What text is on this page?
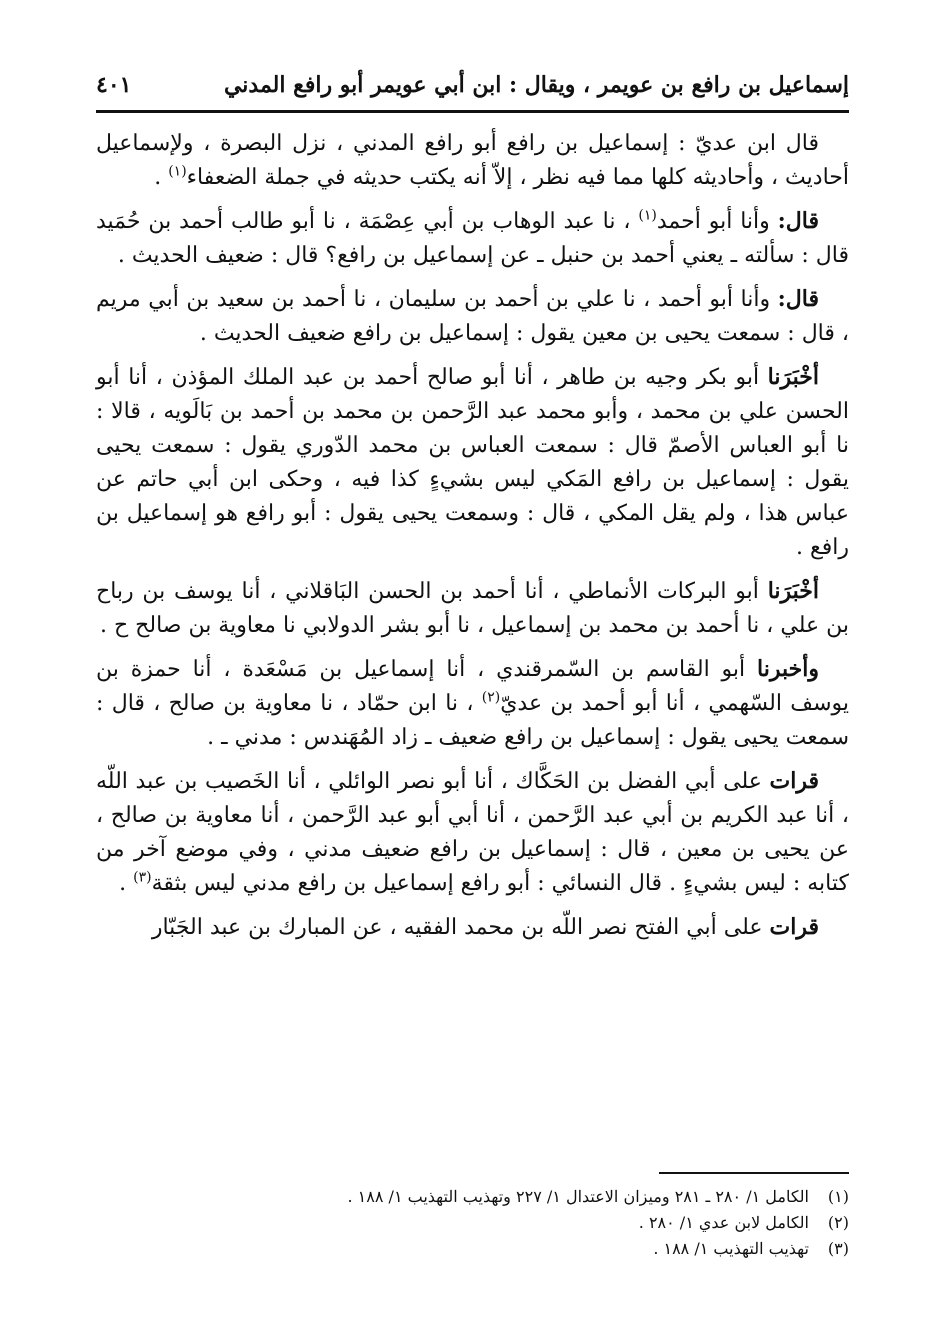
إسماعيل بن رافع بن عويمر ، ويقال : ابن أبي عويمر أبو رافع المدني
٤٠١

قال ابن عديّ : إسماعيل بن رافع أبو رافع المدني ، نزل البصرة ، ولإسماعيل أحاديث ، وأحاديثه كلها مما فيه نظر ، إلاّ أنه يكتب حديثه في جملة الضعفاء$^{(١)}$ .

قال: وأنا أبو أحمد$^{(١)}$ ، نا عبد الوهاب بن أبي عِصْمَة ، نا أبو طالب أحمد بن حُمَيد قال : سألته ـ يعني أحمد بن حنبل ـ عن إسماعيل بن رافع؟ قال : ضعيف الحديث .

قال: وأنا أبو أحمد ، نا علي بن أحمد بن سليمان ، نا أحمد بن سعيد بن أبي مريم ، قال : سمعت يحيى بن معين يقول : إسماعيل بن رافع ضعيف الحديث .

أخْبَرَنا أبو بكر وجيه بن طاهر ، أنا أبو صالح أحمد بن عبد الملك المؤذن ، أنا أبو الحسن علي بن محمد ، وأبو محمد عبد الرَّحمن بن محمد بن أحمد بن بَالَويه ، قالا : نا أبو العباس الأصمّ قال : سمعت العباس بن محمد الدّوري يقول : سمعت يحيى يقول : إسماعيل بن رافع المَكي ليس بشيءٍ كذا فيه ، وحكى ابن أبي حاتم عن عباس هذا ، ولم يقل المكي ، قال : وسمعت يحيى يقول : أبو رافع هو إسماعيل بن رافع .

أخْبَرَنا أبو البركات الأنماطي ، أنا أحمد بن الحسن البَاقلاني ، أنا يوسف بن رباح بن علي ، نا أحمد بن محمد بن إسماعيل ، نا أبو بشر الدولابي نا معاوية بن صالح ح .

وأخبرنا أبو القاسم بن السّمرقندي ، أنا إسماعيل بن مَسْعَدة ، أنا حمزة بن يوسف السّهمي ، أنا أبو أحمد بن عديّ$^{(٢)}$ ، نا ابن حمّاد ، نا معاوية بن صالح ، قال : سمعت يحيى يقول : إسماعيل بن رافع ضعيف ـ زاد المُهَندس : مدني ـ .

قرات على أبي الفضل بن الحَكَّاك ، أنا أبو نصر الوائلي ، أنا الخَصيب بن عبد اللّه ، أنا عبد الكريم بن أبي عبد الرَّحمن ، أنا أبي أبو عبد الرَّحمن ، أنا معاوية بن صالح ، عن يحيى بن معين ، قال : إسماعيل بن رافع ضعيف مدني ، وفي موضع آخر من كتابه : ليس بشيءٍ . قال النسائي : أبو رافع إسماعيل بن رافع مدني ليس بثقة$^{(٣)}$ .

قرات على أبي الفتح نصر اللّه بن محمد الفقيه ، عن المبارك بن عبد الجَبّار

(١)
الكامل ١/ ٢٨٠ ـ ٢٨١ وميزان الاعتدال ١/ ٢٢٧ وتهذيب التهذيب ١/ ١٨٨ .
(٢)
الكامل لابن عدي ١/ ٢٨٠ .
(٣)
تهذيب التهذيب ١/ ١٨٨ .
